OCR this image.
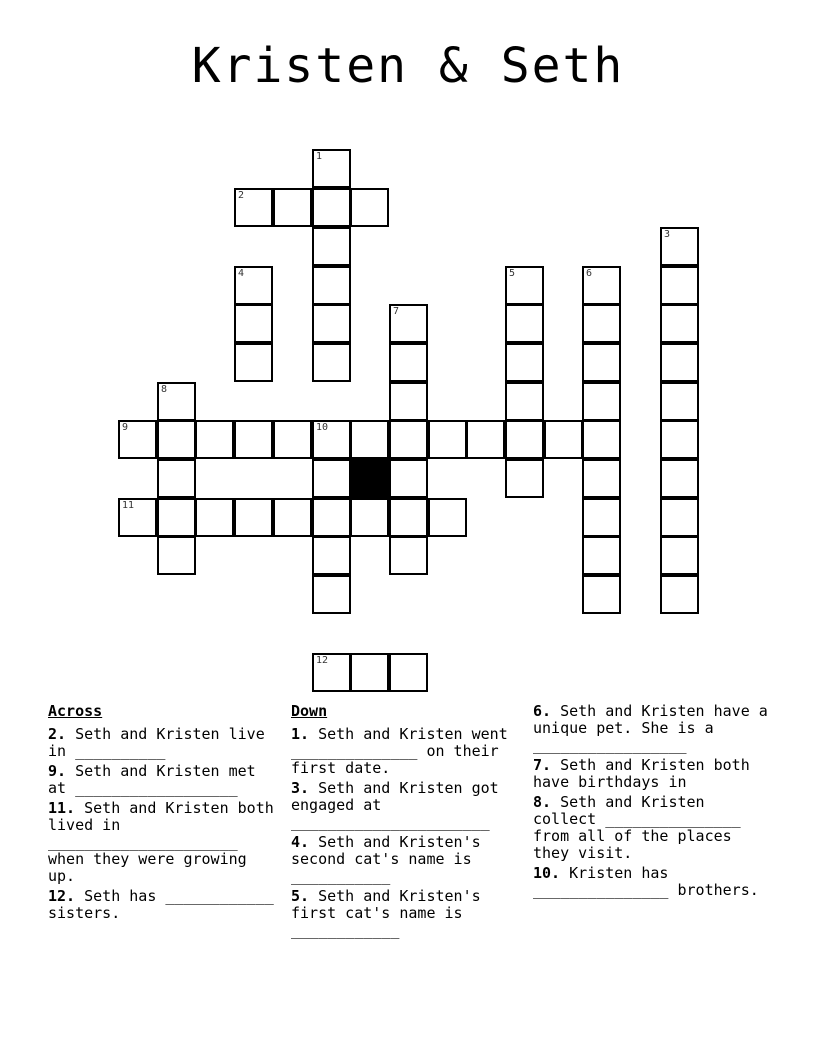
Kristen & Seth
1
2
3
4	5	6
7
8
9	10
11
12
Across
2. Seth and Kristen live in __________
9. Seth and Kristen met at __________________
11. Seth and Kristen both lived in _____________________ when they were growing up.
12. Seth has ____________ sisters.
Down
1. Seth and Kristen went ______________ on their first date.
3. Seth and Kristen got engaged at ______________________
4. Seth and Kristen's second cat's name is ___________
5. Seth and Kristen's first cat's name is ____________
6. Seth and Kristen have a unique pet. She is a _________________
7. Seth and Kristen both have birthdays in
8. Seth and Kristen collect _______________ from all of the places they visit.
10. Kristen has _______________ brothers.
